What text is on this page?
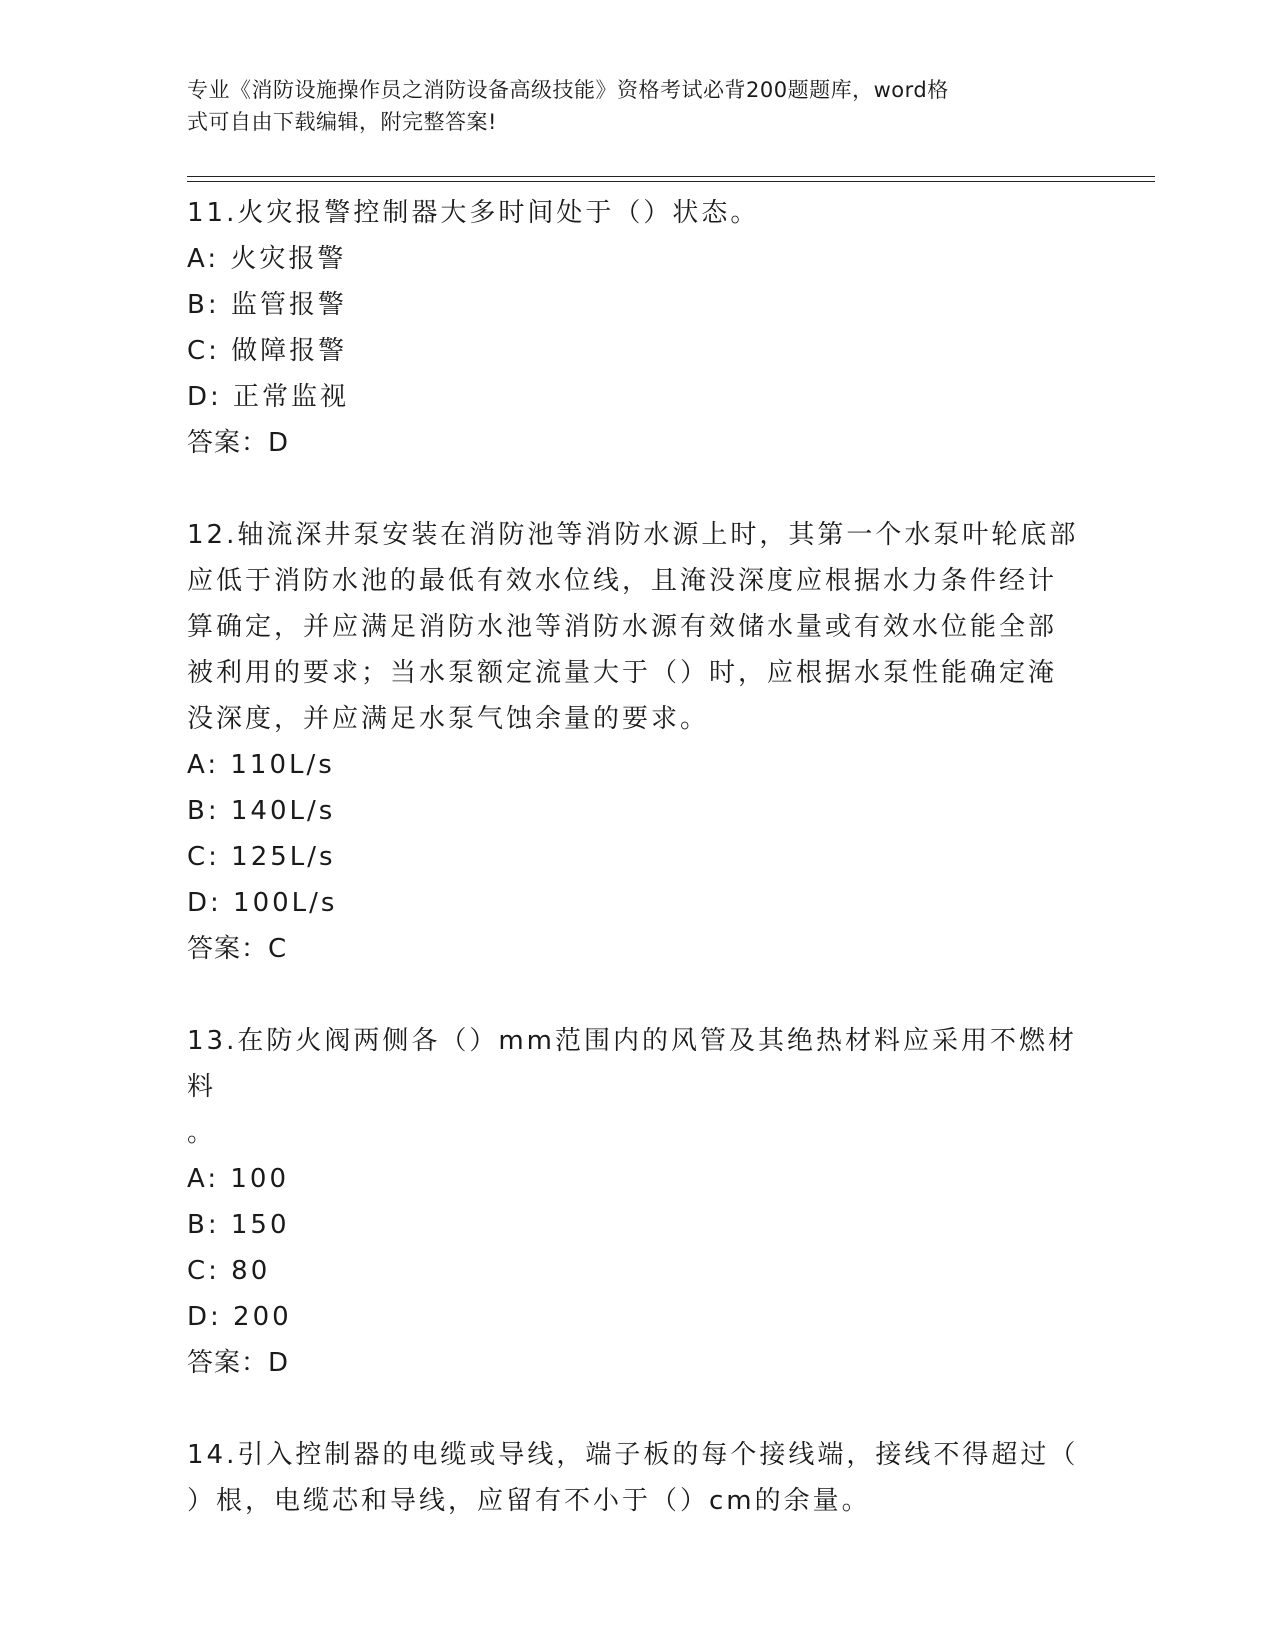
专业《消防设施操作员之消防设备高级技能》资格考试必背200题题库，word格
式可自由下载编辑，附完整答案!

11.火灾报警控制器大多时间处于（）状态。

A: 火灾报警

B: 监管报警

C: 做障报警

D: 正常监视

答案：D

12.轴流深井泵安装在消防池等消防水源上时，其第一个水泵叶轮底部

应低于消防水池的最低有效水位线，且淹没深度应根据水力条件经计

算确定，并应满足消防水池等消防水源有效储水量或有效水位能全部

被利用的要求；当水泵额定流量大于（）时，应根据水泵性能确定淹

没深度，并应满足水泵气蚀余量的要求。

A: 110L/s

B: 140L/s

C: 125L/s

D: 100L/s

答案：C

13.在防火阀两侧各（）mm范围内的风管及其绝热材料应采用不燃材料

。

A: 100

B: 150

C: 80

D: 200

答案：D

14.引入控制器的电缆或导线，端子板的每个接线端，接线不得超过（

）根，电缆芯和导线，应留有不小于（）cm的余量。
